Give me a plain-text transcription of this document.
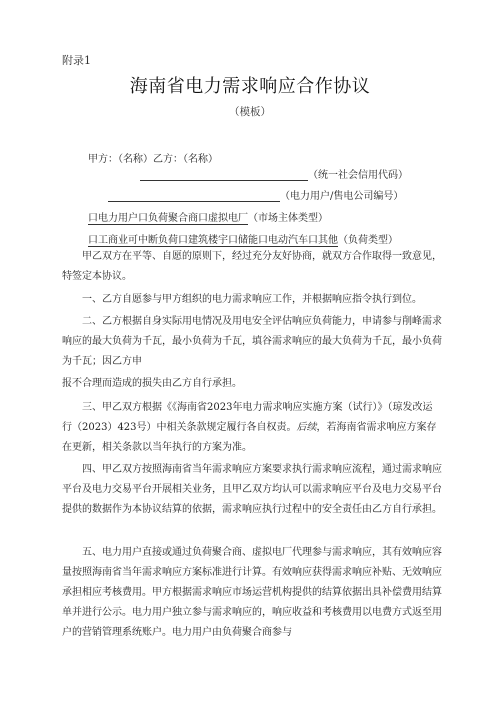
附录1
海南省电力需求响应合作协议
（模板）
甲方：（名称）乙方：（名称）
（统一社会信用代码）
（电力用户/售电公司编号）
口电力用户口负荷聚合商口虚拟电厂（市场主体类型）
口工商业可中断负荷口建筑楼宇口储能口电动汽车口其他（负荷类型）
甲乙双方在平等、自愿的原则下，经过充分友好协商，就双方合作取得一致意见，特签定本协议。
一、乙方自愿参与甲方组织的电力需求响应工作，并根据响应指令执行到位。
二、乙方根据自身实际用电情况及用电安全评估响应负荷能力，申请参与削峰需求响应的最大负荷为千瓦，最小负荷为千瓦，填谷需求响应的最大负荷为千瓦，最小负荷为千瓦；因乙方申
报不合理而造成的损失由乙方自行承担。
三、甲乙双方根据《《海南省2023年电力需求响应实施方案（试行）》（琼发改运行（2023）423号）中相关条款规定履行各自权责。后续，若海南省需求响应方案存在更新，相关条款以当年执行的方案为准。
四、甲乙双方按照海南省当年需求响应方案要求执行需求响应流程，通过需求响应平台及电力交易平台开展相关业务，且甲乙双方均认可以需求响应平台及电力交易平台提供的数据作为本协议结算的依据，需求响应执行过程中的安全责任由乙方自行承担。
五、电力用户直接或通过负荷聚合商、虚拟电厂代理参与需求响应，其有效响应容量按照海南省当年需求响应方案标准进行计算。有效响应获得需求响应补贴、无效响应承担相应考核费用。甲方根据需求响应市场运营机构提供的结算依据出具补偿费用结算单并进行公示。电力用户独立参与需求响应的，响应收益和考核费用以电费方式返至用户的营销管理系统账户。电力用户由负荷聚合商参与
